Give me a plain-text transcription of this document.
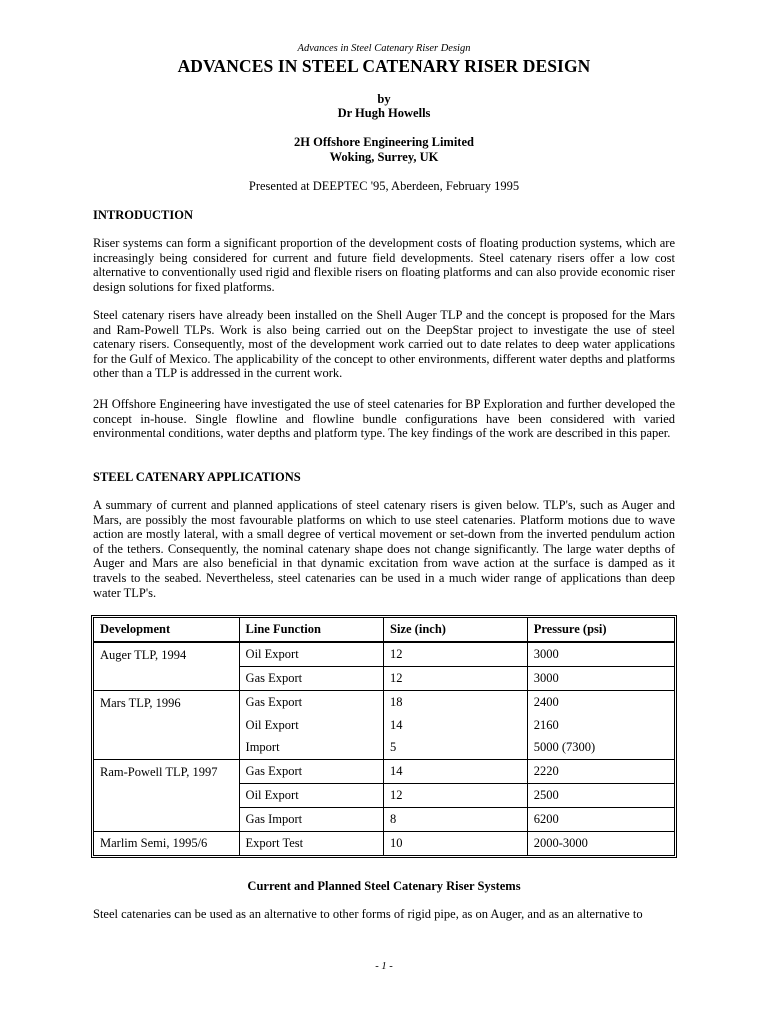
Advances in Steel Catenary Riser Design
ADVANCES IN STEEL CATENARY RISER DESIGN
by
Dr Hugh Howells
2H Offshore Engineering Limited
Woking, Surrey, UK
Presented at DEEPTEC '95, Aberdeen, February 1995
INTRODUCTION
Riser systems can form a significant proportion of the development costs of floating production systems, which are increasingly being considered for current and future field developments. Steel catenary risers offer a low cost alternative to conventionally used rigid and flexible risers on floating platforms and can also provide economic riser design solutions for fixed platforms.
Steel catenary risers have already been installed on the Shell Auger TLP and the concept is proposed for the Mars and Ram-Powell TLPs. Work is also being carried out on the DeepStar project to investigate the use of steel catenary risers. Consequently, most of the development work carried out to date relates to deep water applications for the Gulf of Mexico. The applicability of the concept to other environments, different water depths and platforms other than a TLP is addressed in the current work.
2H Offshore Engineering have investigated the use of steel catenaries for BP Exploration and further developed the concept in-house. Single flowline and flowline bundle configurations have been considered with varied environmental conditions, water depths and platform type. The key findings of the work are described in this paper.
STEEL CATENARY APPLICATIONS
A summary of current and planned applications of steel catenary risers is given below. TLP's, such as Auger and Mars, are possibly the most favourable platforms on which to use steel catenaries. Platform motions due to wave action are mostly lateral, with a small degree of vertical movement or set-down from the inverted pendulum action of the tethers. Consequently, the nominal catenary shape does not change significantly. The large water depths of Auger and Mars are also beneficial in that dynamic excitation from wave action at the surface is damped as it travels to the seabed. Nevertheless, steel catenaries can be used in a much wider range of applications than deep water TLP's.
Development	Line Function	Size (inch)	Pressure (psi)
Auger TLP, 1994	Oil Export	12	3000
	Gas Export	12	3000
Mars TLP, 1996	Gas Export	18	2400
	Oil Export	14	2160
	Import	5	5000 (7300)
Ram-Powell TLP, 1997	Gas Export	14	2220
	Oil Export	12	2500
	Gas Import	8	6200
Marlim Semi, 1995/6	Export Test	10	2000-3000
Current and Planned Steel Catenary Riser Systems
Steel catenaries can be used as an alternative to other forms of rigid pipe, as on Auger, and as an alternative to
- 1 -
